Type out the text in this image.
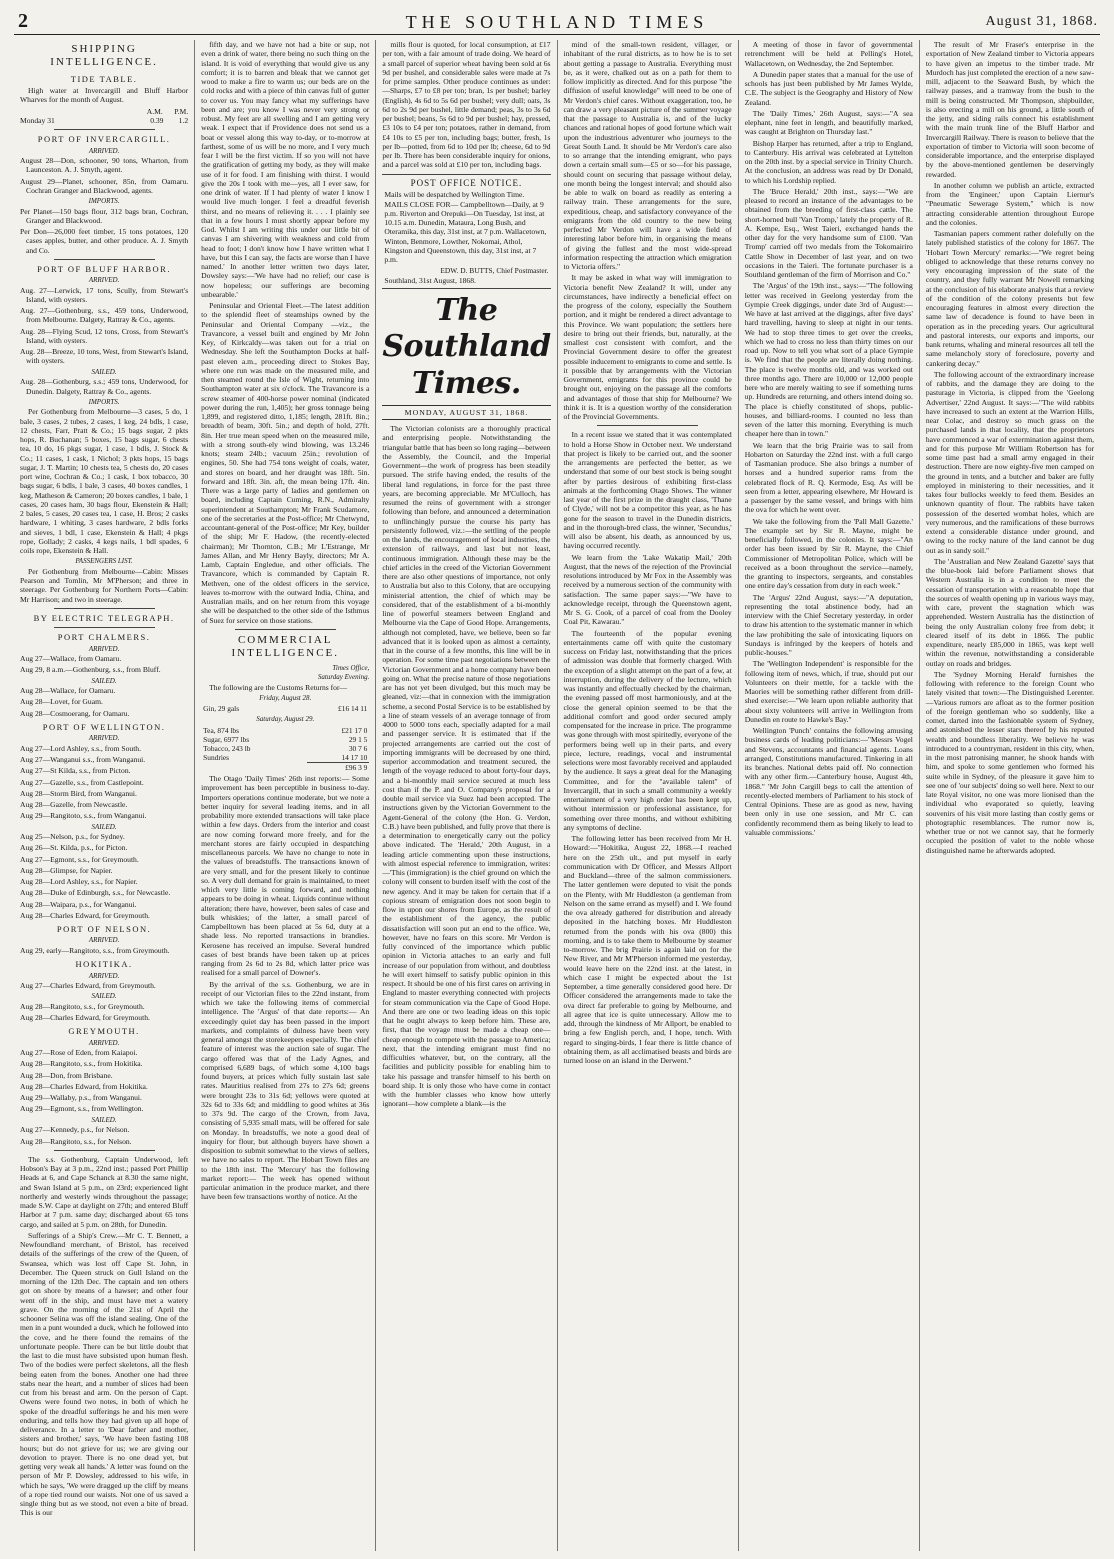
2	THE SOUTHLAND TIMES	August 31, 1868.
SHIPPING INTELLIGENCE.
TIDE TABLE.

High water at Invercargill and Bluff Harbor Wharves for the month of August.

A.M. P.M.
Monday 31	0.39 1.2
PORT OF INVERCARGILL.
ARRIVED.

August 28—Don, schooner, 90 tons, Wharton, from Launceston. A. J. Smyth, agent.

August 29—Planet, schooner, 85n, from Oamaru. Cochran Granger and Blackwood, agents.

IMPORTS.

Per Planet—150 bags flour, 312 bags bran, Cochran, Granger and Blackwood.

Per Don—26,000 feet timber, 15 tons potatoes, 120 cases apples, butter, and other produce. A. J. Smyth and Co.

PORT OF BLUFF HARBOR.
ARRIVED.

Aug. 27—Lerwick, 17 tons, Scully, from Stewart's Island, with oysters.

Aug. 27—Gothenburg, s.s., 459 tons, Underwood, from Melbourne. Dalgety, Rattray & Co., agents.

Aug. 28—Flying Scud, 12 tons, Cross, from Stewart's Island, with oysters.

Aug. 28—Breeze, 10 tons, West, from Stewart's Island, with oysters.

SAILED.

Aug. 28—Gothenburg, s.s.; 459 tons, Underwood, for Dunedin. Dalgety, Rattray & Co., agents.

IMPORTS.

Per Gothenburg from Melbourne—3 cases, 5 do, 1 bale, 3 cases, 2 tubes, 2 cases, 1 keg, 24 bdls, 1 case, 12 chests, Farr, Pratt & Co.; 15 bags sugar, 2 pkts hops, R. Buchanan; 5 boxes, 15 bags sugar, 6 chests tea, 10 do, 16 pkgs sugar, 1 case, 1 bdls, J. Stock & Co.; 11 cases, 1 cask, 1 Nichol; 3 pkts hops, 15 bags sugar, J. T. Martin; 10 chests tea, 5 chests do, 20 cases port wine, Cochran & Co.; 1 cask, 1 box tobacco, 30 bags sugar, 6 bdls, 1 bale, 3 cases, 40 boxes candles, 1 keg, Matheson & Cameron; 20 boxes candles, 1 bale, 1 cases, 20 cases ham, 30 bags flour, Ekenstein & Hall; 2 bales, 5 cases, 20 cases tea, 1 case, H. Bros; 2 casks hardware, 1 whiting, 3 cases hardware, 2 bdls forks and sieves, 1 bdl, 1 case, Ekenstein & Hall; 4 pkgs rope, Gollady; 2 casks, 4 kegs nails, 1 bdl spades, 6 coils rope, Ekenstein & Hall.

PASSENGERS LIST.

Per Gothenburg from Melbourne—Cabin: Misses Pearson and Tomlin, Mr M'Pherson; and three in steerage. Per Gothenburg for Northern Ports—Cabin: Mr Harrison; and two in steerage.

BY ELECTRIC TELEGRAPH.
PORT CHALMERS.
ARRIVED.

Aug 27—Wallace, from Oamaru.

Aug 29, 8 a.m.—Gothenburg, s.s., from Bluff.

SAILED.

Aug 28—Wallace, for Oamaru.

Aug 28—Lovet, for Guam.

Aug 28—Cosmoerang, for Oamaru.

PORT OF WELLINGTON.
ARRIVED.

Aug 27—Lord Ashley, s.s., from South.

Aug 27—Wanganui s.s., from Wanganui.

Aug 27—St Kilda, s.s., from Picton.

Aug 27—Gazelle, s.s., from Castlepoint.

Aug 28—Storm Bird, from Wanganui.

Aug 28—Gazelle, from Newcastle.

Aug 29—Rangitoto, s.s., from Wanganui.

SAILED.

Aug 25—Nelson, p.s., for Sydney.

Aug 26—St. Kilda, p.s., for Picton.

Aug 27—Egmont, s.s., for Greymouth.

Aug 28—Glimpse, for Napier.

Aug 28—Lord Ashley, s.s., for Napier.

Aug 28—Duke of Edinburgh, s.s., for Newcastle.

Aug 28—Waipara, p.s., for Wanganui.

Aug 28—Charles Edward, for Greymouth.

PORT OF NELSON.
ARRIVED.

Aug 29, early—Rangitoto, s.s., from Greymouth.

HOKITIKA.
ARRIVED.

Aug 27—Charles Edward, from Greymouth.

SAILED.

Aug 28—Rangitoto, s.s., for Greymouth.

Aug 28—Charles Edward, for Greymouth.

GREYMOUTH.
ARRIVED.

Aug 27—Rose of Eden, from Kaiapoi.

Aug 28—Rangitoto, s.s., from Hokitika.

Aug 28—Don, from Brisbane.

Aug 28—Charles Edward, from Hokitika.

Aug 29—Wallaby, p.s., from Wanganui.

Aug 29—Egmont, s.s., from Wellington.

SAILED.

Aug 27—Kennedy, p.s., for Nelson.

Aug 28—Rangitoto, s.s., for Nelson.

The s.s. Gothenburg, Captain Underwood, left Hobson's Bay at 3 p.m., 22nd inst.; passed Port Phillip Heads at 6, and Cape Schanck at 8.30 the same night, and Swan Island at 5 p.m., on 23rd; experienced light northerly and westerly winds throughout the passage; made S.W. Cape at daylight on 27th; and entered Bluff Harbor at 7 p.m. same day; discharged about 65 tons cargo, and sailed at 5 p.m. on 28th, for Dunedin.

Sufferings of a Ship's Crew.—Mr C. T. Bennett, a Newfoundland merchant, of Bristol, has received details of the sufferings of the crew of the Queen, of Swansea, which was lost off Cape St. John, in December. The Queen struck on Gull Island on the morning of the 12th Dec. The captain and ten others got on shore by means of a hawser; and other four went off in the ship, and must have met a watery grave. On the morning of the 21st of April the schooner Selina was off the island sealing. One of the men in a punt wounded a duck, which he followed into the cove, and he there found the remains of the unfortunate people. There can be but little doubt that the last to die must have subsisted upon human flesh. Two of the bodies were perfect skeletons, all the flesh being eaten from the bones. Another one had three stabs near the heart, and a number of slices had been cut from his breast and arm. On the person of Capt. Owens were found two notes, in both of which he spoke of the dreadful sufferings he and his men were enduring, and tells how they had given up all hope of deliverance. In a letter to 'Dear father and mother, sisters and brother,' says, 'We have been fasting 108 hours; but do not grieve for us; we are giving our devotion to prayer. There is no one dead yet, but getting very weak all hands.' A letter was found on the person of Mr P. Dowsley, addressed to his wife, in which he says, 'We were dragged up the cliff by means of a rope tied round our waists. Not one of us saved a single thing but as we stood, not even a bite of bread. This is our

fifth day, and we have not had a bite or sup, not even a drink of water, there being no such thing on the island. It is void of everything that would give us any comfort; it is to barren and bleak that we cannot get wood to make a fire to warm us; our beds are on the cold rocks and with a piece of thin canvas full of gutter to cover us. You may fancy what my sufferings have been and are; you know I was never very strong or robust. My feet are all swelling and I am getting very weak. I expect that if Providence does not send us a boat or vessel along this way to-day, or to-morrow at farthest, some of us will be no more, and I very much fear I will be the first victim. If so you will not have the gratification of getting my body, as they will make use of it for food. I am finishing with thirst. I would give the 20s I took with me—yes, all I ever saw, for one drink of water. If I had plenty of water I know I would live much longer. I feel a dreadful feverish thirst, and no means of relieving it. . . . I plainly see that in a few hours I must shortly appear before my God. Whilst I am writing this under our little bit of canvas I am shivering with weakness and cold from head to foot; I don't know how I have written what I have, but this I can say, the facts are worse than I have named.' In another letter written two days later, Dowsley says:—'We have had no relief; our case is now hopeless; our sufferings are becoming unbearable.'

Peninsular and Oriental Fleet.—The latest addition to the splendid fleet of steamships owned by the Peninsular and Oriental Company —viz., the Travancore, a vessel built and engined by Mr John Key, of Kirkcaldy—was taken out for a trial on Wednesday. She left the Southampton Docks at half-past eleven a.m., proceeding direct to Stokes Bay, where one run was made on the measured mile, and then steamed round the Isle of Wight, returning into Southampton water at six o'clock. The Travancore is a screw steamer of 400-horse power nominal (indicated power during the run, 1,405); her gross tonnage being 1,899, and registered ditto, 1,185; length, 281ft. 8in.; breadth of beam, 30ft. 5in.; and depth of hold, 27ft. 8in. Her true mean speed when on the measured mile, with a strong south-ely wind blowing, was 13.246 knots; steam 24lb.; vacuum 25in.; revolution of engines, 50. She had 754 tons weight of coals, water, and stores on board, and her draught was 18ft. 5in. forward and 18ft. 3in. aft, the mean being 17ft. 4in. There was a large party of ladies and gentlemen on board, including Captain Cuming, R.N., Admiralty superintendent at Southampton; Mr Frank Scudamore, one of the secretaries at the Post-office; Mr Chetwynd, accountant-general of the Post-office; Mr Key, builder of the ship; Mr F. Hadow, (the recently-elected chairman); Mr Thornton, C.B.; Mr L'Estrange, Mr James Allan, and Mr Henry Bayly, directors; Mr A. Lamb, Captain Engledue, and other officials. The Travancore, which is commanded by Captain R. Methven, one of the oldest officers in the service, leaves to-morrow with the outward India, China, and Australian mails, and on her return from this voyage she will be despatched to the other side of the Isthmus of Suez for service on those stations.

COMMERCIAL INTELLIGENCE.
Times Office,
Saturday Evening.

The following are the Customs Returns for—

Friday, August 28.
Gin, 29 gals	£16 14 11
Saturday, August 29.
Tea, 874 lbs	£21 17 0
Sugar, 6977 lbs	29 1 5
Tobacco, 243 lb	30 7 6
Sundries	14 17 10
	£96 3 9

The Otago 'Daily Times' 26th inst reports:— Some improvement has been perceptible in business to-day. Importers operations continue moderate, but we note a better inquiry for several leading items, and in all probability more extended transactions will take place within a few days. Orders from the interior and coast are now coming forward more freely, and for the merchant stores are fairly occupied in despatching miscellaneous parcels. We have no change to note in the values of breadstuffs. The transactions known of are very small, and for the present likely to continue so. A very dull demand for grain is maintained, to meet which very little is coming forward, and nothing appears to be doing in wheat. Liquids continue without alteration; there have, however, been sales of case and bulk whiskies; of the latter, a small parcel of Campbelltown has been placed at 5s 6d, duty at a shade less. No reported transactions in brandies. Kerosene has received an impulse. Several hundred cases of best brands have been taken up at prices ranging from 2s 6d to 2s 8d, which latter price was realised for a small parcel of Downer's.

By the arrival of the s.s. Gothenburg, we are in receipt of our Victorian files to the 22nd instant, from which we take the following items of commercial intelligence. The 'Argus' of that date reports:— An exceedingly quiet day has been passed in the import markets, and complaints of dulness have been very general amongst the storekeepers especially. The chief feature of interest was the auction sale of sugar. The cargo offered was that of the Lady Agnes, and comprised 6,689 bags, of which some 4,100 bags found buyers, at prices which fully sustain last sale rates. Mauritius realised from 27s to 27s 6d; greens were brought 23s to 31s 6d; yellows were quoted at 32s 6d to 33s 6d; and middling to good whites at 36s to 37s 9d. The cargo of the Crown, from Java, consisting of 5,935 small mats, will be offered for sale on Monday. In breadstuffs, we note a good deal of inquiry for flour, but although buyers have shown a disposition to submit somewhat to the views of sellers, we have no sales to report. The Hobart Town files are to the 18th inst. The 'Mercury' has the following market report:— The week has opened without particular animation in the produce market, and there have been few transactions worthy of notice. At the

mills flour is quoted, for local consumption, at £17 per ton, with a fair amount of trade doing. We heard of a small parcel of superior wheat having been sold at 6s 9d per bushel, and considerable sales were made at 7s for prime samples. Other produce continues as under:—Sharps, £7 to £8 per ton; bran, 1s per bushel; barley (English), 4s 6d to 5s 6d per bushel; very dull; oats, 3s 6d to 2s 9d per bushel, little demand; peas, 3s to 3s 6d per bushel; beans, 5s 6d to 9d per bushel; hay, pressed, £3 10s to £4 per ton; potatoes, rather in demand, from £4 10s to £5 per ton, including bags; butter, fresh, 1s per lb—potted, from 6d to 10d per lb; cheese, 6d to 9d per lb. There has been considerable inquiry for onions, and a parcel was sold at £10 per ton, including bags.

POST OFFICE NOTICE.

Mails will be despatched by Wellington Time. MAILS CLOSE FOR— Campbelltown—Daily, at 9 p.m. Riverton and Orepuki—On Tuesday, 1st inst, at 10.15 a.m. Dunedin, Mataura, Long Bush, and Oteramika, this day, 31st inst, at 7 p.m. Wallacetown, Winton, Benmore, Lowther, Nokomai, Athol, Kingston and Queenstown, this day, 31st inst, at 7 p.m.

EDW. D. BUTTS, Chief Postmaster.
Southland, 31st August, 1868.
The Southland Times.
MONDAY, AUGUST 31, 1868.

The Victorian colonists are a thoroughly practical and enterprising people. Notwithstanding the triangular battle that has been so long raging—between the Assembly, the Council, and the Imperial Government—the work of progress has been steadily pursued. The strife having ended, the results of the liberal land regulations, in force for the past three years, are becoming appreciable. Mr M'Culloch, has resumed the reins of government with a stronger following than before, and announced a determination to unflinchingly pursue the course his party has persistently followed, viz.:—the settling of the people on the lands, the encouragement of local industries, the extension of railways, and last but not least, continuous immigration. Although these may be the chief articles in the creed of the Victorian Government there are also other questions of importance, not only to Australia but also to this Colony, that are occupying ministerial attention, the chief of which may be considered, that of the establishment of a bi-monthly line of powerful steamers between England and Melbourne via the Cape of Good Hope. Arrangements, although not completed, have, we believe, been so far advanced that it is looked upon as almost a certainty, that in the course of a few months, this line will be in operation. For some time past negotiations between the Victorian Government and a home company have been going on. What the precise nature of those negotiations are has not yet been divulged, but this much may be gleaned, viz:—that in connexion with the immigration scheme, a second Postal Service is to be established by a line of steam vessels of an average tonnage of from 4000 to 5000 tons each, specially adapted for a mail and passenger service. It is estimated that if the projected arrangements are carried out the cost of importing immigrants will be decreased by one third, superior accommodation and treatment secured, the length of the voyage reduced to about forty-four days, and a bi-monthly mail service secured at much less cost than if the P. and O. Company's proposal for a double mail service via Suez had been accepted. The instructions given by the Victorian Government to the Agent-General of the colony (the Hon. G. Verdon, C.B.) have been published, and fully prove that there is a determination to energetically carry out the policy above indicated. The 'Herald,' 20th August, in a leading article commenting upon these instructions, with almost especial reference to immigration, writes:—'This (immigration) is the chief ground on which the colony will consent to burden itself with the cost of the new agency. And it may be taken for certain that if a copious stream of emigration does not soon begin to flow in upon our shores from Europe, as the result of the establishment of the agency, the public dissatisfaction will soon put an end to the office. We, however, have no fears on this score. Mr Verdon is fully convinced of the importance which public opinion in Victoria attaches to an early and full increase of our population from without, and doubtless he will exert himself to satisfy public opinion in this respect. It should be one of his first cares on arriving in England to master everything connected with projects for steam communication via the Cape of Good Hope. And there are one or two leading ideas on this topic that he ought always to keep before him. These are, first, that the voyage must be made a cheap one—cheap enough to compete with the passage to America; next, that the intending emigrant must find no difficulties whatever, but, on the contrary, all the facilities and publicity possible for enabling him to take his passage and transfer himself to his berth on board ship. It is only those who have come in contact with the humbler classes who know how utterly ignorant—how complete a blank—is the

mind of the small-town resident, villager, or inhabitant of the rural districts, as to how he is to set about getting a passage to Australia. Everything must be, as it were, chalked out as on a path for them to follow implicitly as directed. And for this purpose "the diffusion of useful knowledge" will need to be one of Mr Verdon's chief cares. Without exaggeration, too, he can draw a very pleasant picture of the summer voyage that the passage to Australia is, and of the lucky chances and rational hopes of good fortune which wait upon the industrious adventurer who journeys to the Great South Land. It should be Mr Verdon's care also to so arrange that the intending emigrant, who pays down a certain small sum—£5 or so—for his passage, should count on securing that passage without delay, one month being the longest interval; and should also be able to walk on board as readily as entering a railway train. These arrangements for the sure, expeditious, cheap, and satisfactory conveyance of the emigrants from the old country to the new being perfected Mr Verdon will have a wide field of interesting labor before him, in organising the means of giving the fullest and the most wide-spread information respecting the attraction which emigration to Victoria offers."

It may be asked in what way will immigration to Victoria benefit New Zealand? It will, under any circumstances, have indirectly a beneficial effect on the progress of the colony, especially the Southern portion, and it might be rendered a direct advantage to this Province. We want population; the settlers here desire to bring out their friends, but, naturally, at the smallest cost consistent with comfort, and the Provincial Government desire to offer the greatest possible inducement to emigrants to come and settle. Is it possible that by arrangements with the Victorian Government, emigrants for this province could be brought out, enjoying on the passage all the comforts and advantages of those that ship for Melbourne? We think it is. It is a question worthy of the consideration of the Provincial Governments.

In a recent issue we stated that it was contemplated to hold a Horse Show in October next. We understand that project is likely to be carried out, and the sooner the arrangements are perfected the better, as we understand that some of our best stock is being sought after by parties desirous of exhibiting first-class animals at the forthcoming Otago Shows. The winner last year of the first prize in the draught class, 'Thane of Clyde,' will not be a competitor this year, as he has gone for the season to travel in the Dunedin districts, and in the thorough-bred class, the winner, 'Secundus,' will also be absent, his death, as announced by us, having occurred recently.

We learn from the 'Lake Wakatip Mail,' 20th August, that the news of the rejection of the Provincial resolutions introduced by Mr Fox in the Assembly was received by a numerous section of the community with satisfaction. The same paper says:—"We have to acknowledge receipt, through the Queenstown agent, Mr S. G. Cook, of a parcel of coal from the Dooley Coal Pit, Kawarau."

The fourteenth of the popular evening entertainments came off with quite the customary success on Friday last, notwithstanding that the prices of admission was double that formerly charged. With the exception of a slight attempt on the part of a few, at interruption, during the delivery of the lecture, which was instantly and effectually checked by the chairman, the evening passed off most harmoniously, and at the close the general opinion seemed to be that the additional comfort and good order secured amply compensated for the increase in price. The programme was gone through with most spiritedly, everyone of the performers being well up in their parts, and every piece, lecture, readings, vocal and instrumental selections were most favorably received and applauded by the audience. It says a great deal for the Managing Committee, and for the "available talent" of Invercargill, that in such a small community a weekly entertainment of a very high order has been kept up, without intermission or professional assistance, for something over three months, and without exhibiting any symptoms of decline.

The following letter has been received from Mr H. Howard:—"Hokitika, August 22, 1868.—I reached here on the 25th ult., and put myself in early communication with Dr Officer, and Messrs Allport and Buckland—three of the salmon commissioners. The latter gentlemen were deputed to visit the ponds on the Plenty, with Mr Huddleston (a gentleman from Nelson on the same errand as myself) and I. We found the ova already gathered for distribution and already deposited in the hatching boxes. Mr Huddleston returned from the ponds with his ova (800) this morning, and is to take them to Melbourne by steamer to-morrow. The brig Prairie is again laid on for the New River, and Mr M'Pherson informed me yesterday, would leave here on the 22nd inst. at the latest, in which case I might be expected about the 1st September, a time generally considered good here. Dr Officer considered the arrangements made to take the ova direct far preferable to going by Melbourne, and all agree that ice is quite unnecessary. Allow me to add, through the kindness of Mr Allport, be enabled to bring a few English perch, and, I hope, tench. With regard to singing-birds, I fear there is little chance of obtaining them, as all acclimatised beasts and birds are turned loose on an island in the Derwent."

A meeting of those in favor of governmental retrenchment will be held at Pelling's Hotel, Wallacetown, on Wednesday, the 2nd September.

A Dunedin paper states that a manual for the use of schools has just been published by Mr James Wylde, C.E. The subject is the Geography and History of New Zealand.

The 'Daily Times,' 26th August, says:—"A sea elephant, nine feet in length, and beautifully marked, was caught at Brighton on Thursday last."

Bishop Harper has returned, after a trip to England, to Canterbury. His arrival was celebrated at Lyttelton on the 20th inst. by a special service in Trinity Church. At the conclusion, an address was read by Dr Donald, to which his Lordship replied.

The 'Bruce Herald,' 20th inst., says:—"We are pleased to record an instance of the advantages to be obtained from the breeding of first-class cattle. The short-horned bull 'Van Tromp,' lately the property of R. A. Kempe, Esq., West Taieri, exchanged hands the other day for the very handsome sum of £100. 'Van Tromp' carried off two medals from the Tokomairiro Cattle Show in December of last year, and on two occasions in the Taieri. The fortunate purchaser is a Southland gentleman of the firm of Morrison and Co."

The 'Argus' of the 19th inst., says:—"The following letter was received in Geelong yesterday from the Gympie Creek diggings, under date 3rd of August:—We have at last arrived at the diggings, after five days' hard travelling, having to sleep at night in our tents. We had to stop three times to get over the creeks, which we had to cross no less than thirty times on our road up. Now to tell you what sort of a place Gympie is. We find that the people are literally doing nothing. The place is twelve months old, and was worked out three months ago. There are 10,000 or 12,000 people here who are merely waiting to see if something turns up. Hundreds are returning, and others intend doing so. The place is chiefly constituted of shops, public-houses, and billiard-rooms. I counted no less than seven of the latter this morning. Everything is much cheaper here than in town."

We learn that the brig Prairie was to sail from Hobarton on Saturday the 22nd inst. with a full cargo of Tasmanian produce. She also brings a number of horses and a hundred superior rams from the celebrated flock of R. Q. Kermode, Esq. As will be seen from a letter, appearing elsewhere, Mr Howard is a passenger by the same vessel, and brings with him the ova for which he went over.

We take the following from the 'Pall Mall Gazette.' The example set by Sir R. Mayne, might be beneficially followed, in the colonies. It says:—"An order has been issued by Sir R. Mayne, the Chief Commissioner of Metropolitan Police, which will be received as a boon throughout the service—namely, the granting to inspectors, sergeants, and constables one entire day's cessation from duty in each week."

The 'Argus' 22nd August, says:—"A deputation, representing the total abstinence body, had an interview with the Chief Secretary yesterday, in order to draw his attention to the systematic manner in which the law prohibiting the sale of intoxicating liquors on Sundays is infringed by the keepers of hotels and public-houses."

The 'Wellington Independent' is responsible for the following item of news, which, if true, should put our Volunteers on their mettle, for a tackle with the Maories will be something rather different from drill-shed exercise:—"We learn upon reliable authority that about sixty volunteers will arrive in Wellington from Dunedin en route to Hawke's Bay."

Wellington 'Punch' contains the following amusing business cards of leading politicians:—"Messrs Vogel and Stevens, accountants and financial agents. Loans arranged, Constitutions manufactured. Tinkering in all its branches. National debts paid off. No connection with any other firm.—Canterbury house, August 4th, 1868." 'Mr John Cargill begs to call the attention of recently-elected members of Parliament to his stock of Central Opinions. These are as good as new, having been only in use one session, and Mr C. can confidently recommend them as being likely to lead to valuable commissions.'

The result of Mr Fraser's enterprise in the exportation of New Zealand timber to Victoria appears to have given an impetus to the timber trade. Mr Murdoch has just completed the erection of a new saw-mill, adjacent to the Seaward Bush, by which the railway passes, and a tramway from the bush to the mill is being constructed. Mr Thompson, shipbuilder, is also erecting a mill on his ground, a little south of the jetty, and siding rails connect his establishment with the main trunk line of the Bluff Harbor and Invercargill Railway. There is reason to believe that the exportation of timber to Victoria will soon become of considerable importance, and the enterprise displayed by the above-mentioned gentlemen be deservingly rewarded.

In another column we publish an article, extracted from the 'Engineer,' upon Captain Liernur's "Pneumatic Sewerage System," which is now attracting considerable attention throughout Europe and the colonies.

Tasmanian papers comment rather dolefully on the lately published statistics of the colony for 1867. The 'Hobart Town Mercury' remarks:—"We regret being obliged to acknowledge that these returns convey no very encouraging impression of the state of the country, and they fully warrant Mr Nowell remarking at the conclusion of his elaborate analysis that a review of the condition of the colony presents but few encouraging features in almost every direction the same law of decadence is found to have been in operation as in the preceding years. Our agricultural and pastoral interests, our exports and imports, our bank returns, whaling and mineral resources all tell the same melancholy story of foreclosure, poverty and cankering decay."

The following account of the extraordinary increase of rabbits, and the damage they are doing to the pasturage in Victoria, is clipped from the 'Geelong Advertiser,' 22nd August. It says:—"The wild rabbits have increased to such an extent at the Warrion Hills, near Colac, and destroy so much grass on the purchased lands in that locality, that the proprietors have commenced a war of extermination against them, and for this purpose Mr William Robertson has for some time past had a small army engaged in their destruction. There are now eighty-five men camped on the ground in tents, and a butcher and baker are fully employed in ministering to their necessities, and it takes four bullocks weekly to feed them. Besides an unknown quantity of flour. The rabbits have taken possession of the deserted wombat holes, which are very numerous, and the ramifications of these burrows extend a considerable distance under ground, and owing to the rocky nature of the land cannot be dug out as in sandy soil."

The 'Australian and New Zealand Gazette' says that the blue-book laid before Parliament shows that Western Australia is in a condition to meet the cessation of transportation with a reasonable hope that the sources of wealth opening up in various ways may, with care, prevent the stagnation which was apprehended. Western Australia has the distinction of being the only Australian colony free from debt; it cleared itself of its debt in 1866. The public expenditure, nearly £85,000 in 1865, was kept well within the revenue, notwithstanding a considerable outlay on roads and bridges.

The 'Sydney Morning Herald' furnishes the following with reference to the foreign Count who lately visited that town:—The Distinguished Lerenter.—Various rumors are afloat as to the former position of the foreign gentleman who so suddenly, like a comet, darted into the fashionable system of Sydney, and astonished the lesser stars thereof by his reputed wealth and boundless liberality. We believe he was introduced to a countryman, resident in this city, when, in the most patronising manner, he shook hands with him, and spoke to some gentlemen who formed his suite while in Sydney, of the pleasure it gave him to see one of 'our subjects' doing so well here. Next to our late Royal visitor, no one was more lionised than the individual who evaporated so quietly, leaving souvenirs of his visit more lasting than costly gems or photographic resemblances. The rumor now is, whether true or not we cannot say, that he formerly occupied the position of valet to the noble whose distinguished name he afterwards adopted.
